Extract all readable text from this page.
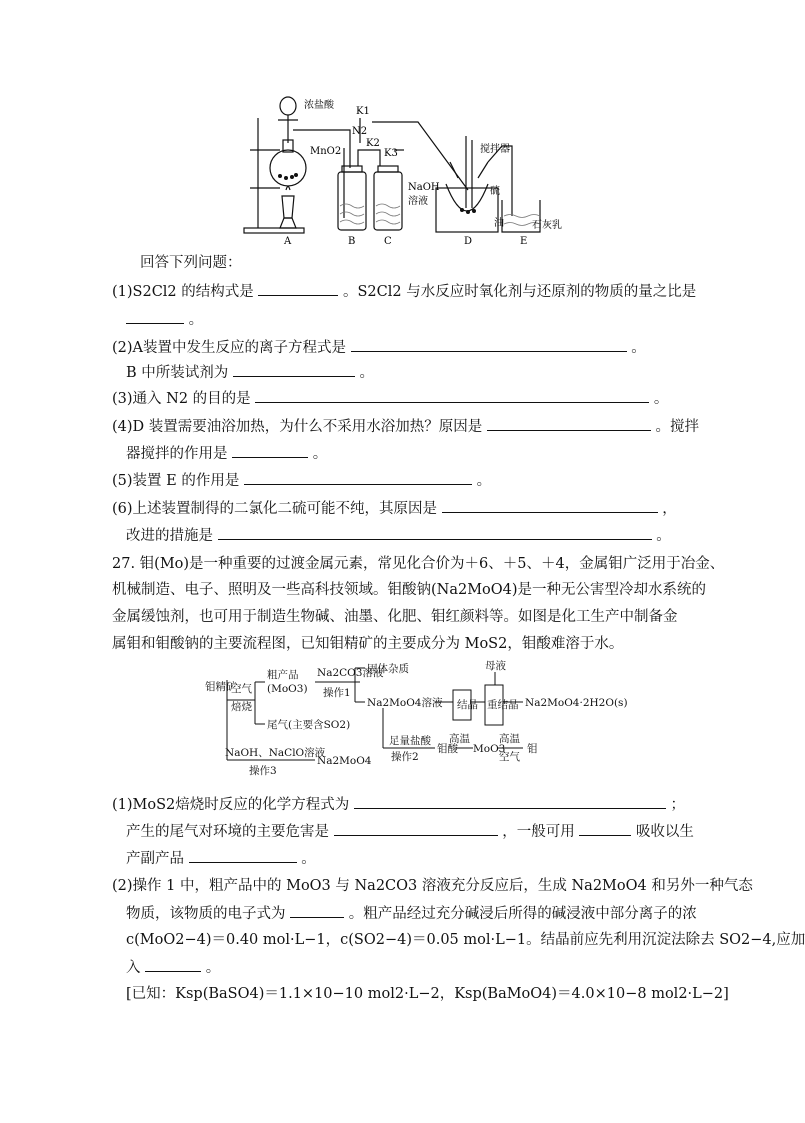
浓盐酸
K1
N2
K2
K3
MnO2
NaOH
溶液
搅拌器
硫
油	石灰乳
A	B	C	D	E
回答下列问题：
(1)S2Cl2 的结构式是	。S2Cl2 与水反应时氧化剂与还原剂的物质的量之比是
。
(2)A装置中发生反应的离子方程式是	。
B 中所装试剂为	。
(3)通入 N2 的目的是	。
(4)D 装置需要油浴加热，为什么不采用水浴加热？原因是	。搅拌
器搅拌的作用是	。
(5)装置 E 的作用是	。
(6)上述装置制得的二氯化二硫可能不纯，其原因是	，
改进的措施是	。
27. 钼(Mo)是一种重要的过渡金属元素，常见化合价为＋6、＋5、＋4，金属钼广泛用于冶金、
机械制造、电子、照明及一些高科技领域。钼酸钠(Na2MoO4)是一种无公害型冷却水系统的
金属缓蚀剂，也可用于制造生物碱、油墨、化肥、钼红颜料等。如图是化工生产中制备金
属钼和钼酸钠的主要流程图，已知钼精矿的主要成分为 MoS2，钼酸难溶于水。
钼精矿
空气
焙烧
粗产品
(MoO3)
Na2CO3溶液
操作1
固体杂质
尾气(主要含SO2)
Na2MoO4溶液 结晶 重结晶
母液
Na2MoO4·2H2O(s)
足量盐酸
操作2
钼酸
高温
MoO3
高温
空气
钼
NaOH、NaClO溶液
操作3
Na2MoO4
(1)MoS2焙烧时反应的化学方程式为	；
产生的尾气对环境的主要危害是	，一般可用	吸收以生
产副产品	。
(2)操作 1 中，粗产品中的 MoO3 与 Na2CO3 溶液充分反应后，生成 Na2MoO4 和另外一种气态
物质，该物质的电子式为	。粗产品经过充分碱浸后所得的碱浸液中部分离子的浓
c(MoO2−4)＝0.40 mol·L−1，c(SO2−4)＝0.05 mol·L−1。结晶前应先利用沉淀法除去 SO2−4,应加
入	。
[已知：Ksp(BaSO4)＝1.1×10−10 mol2·L−2，Ksp(BaMoO4)＝4.0×10−8 mol2·L−2]
